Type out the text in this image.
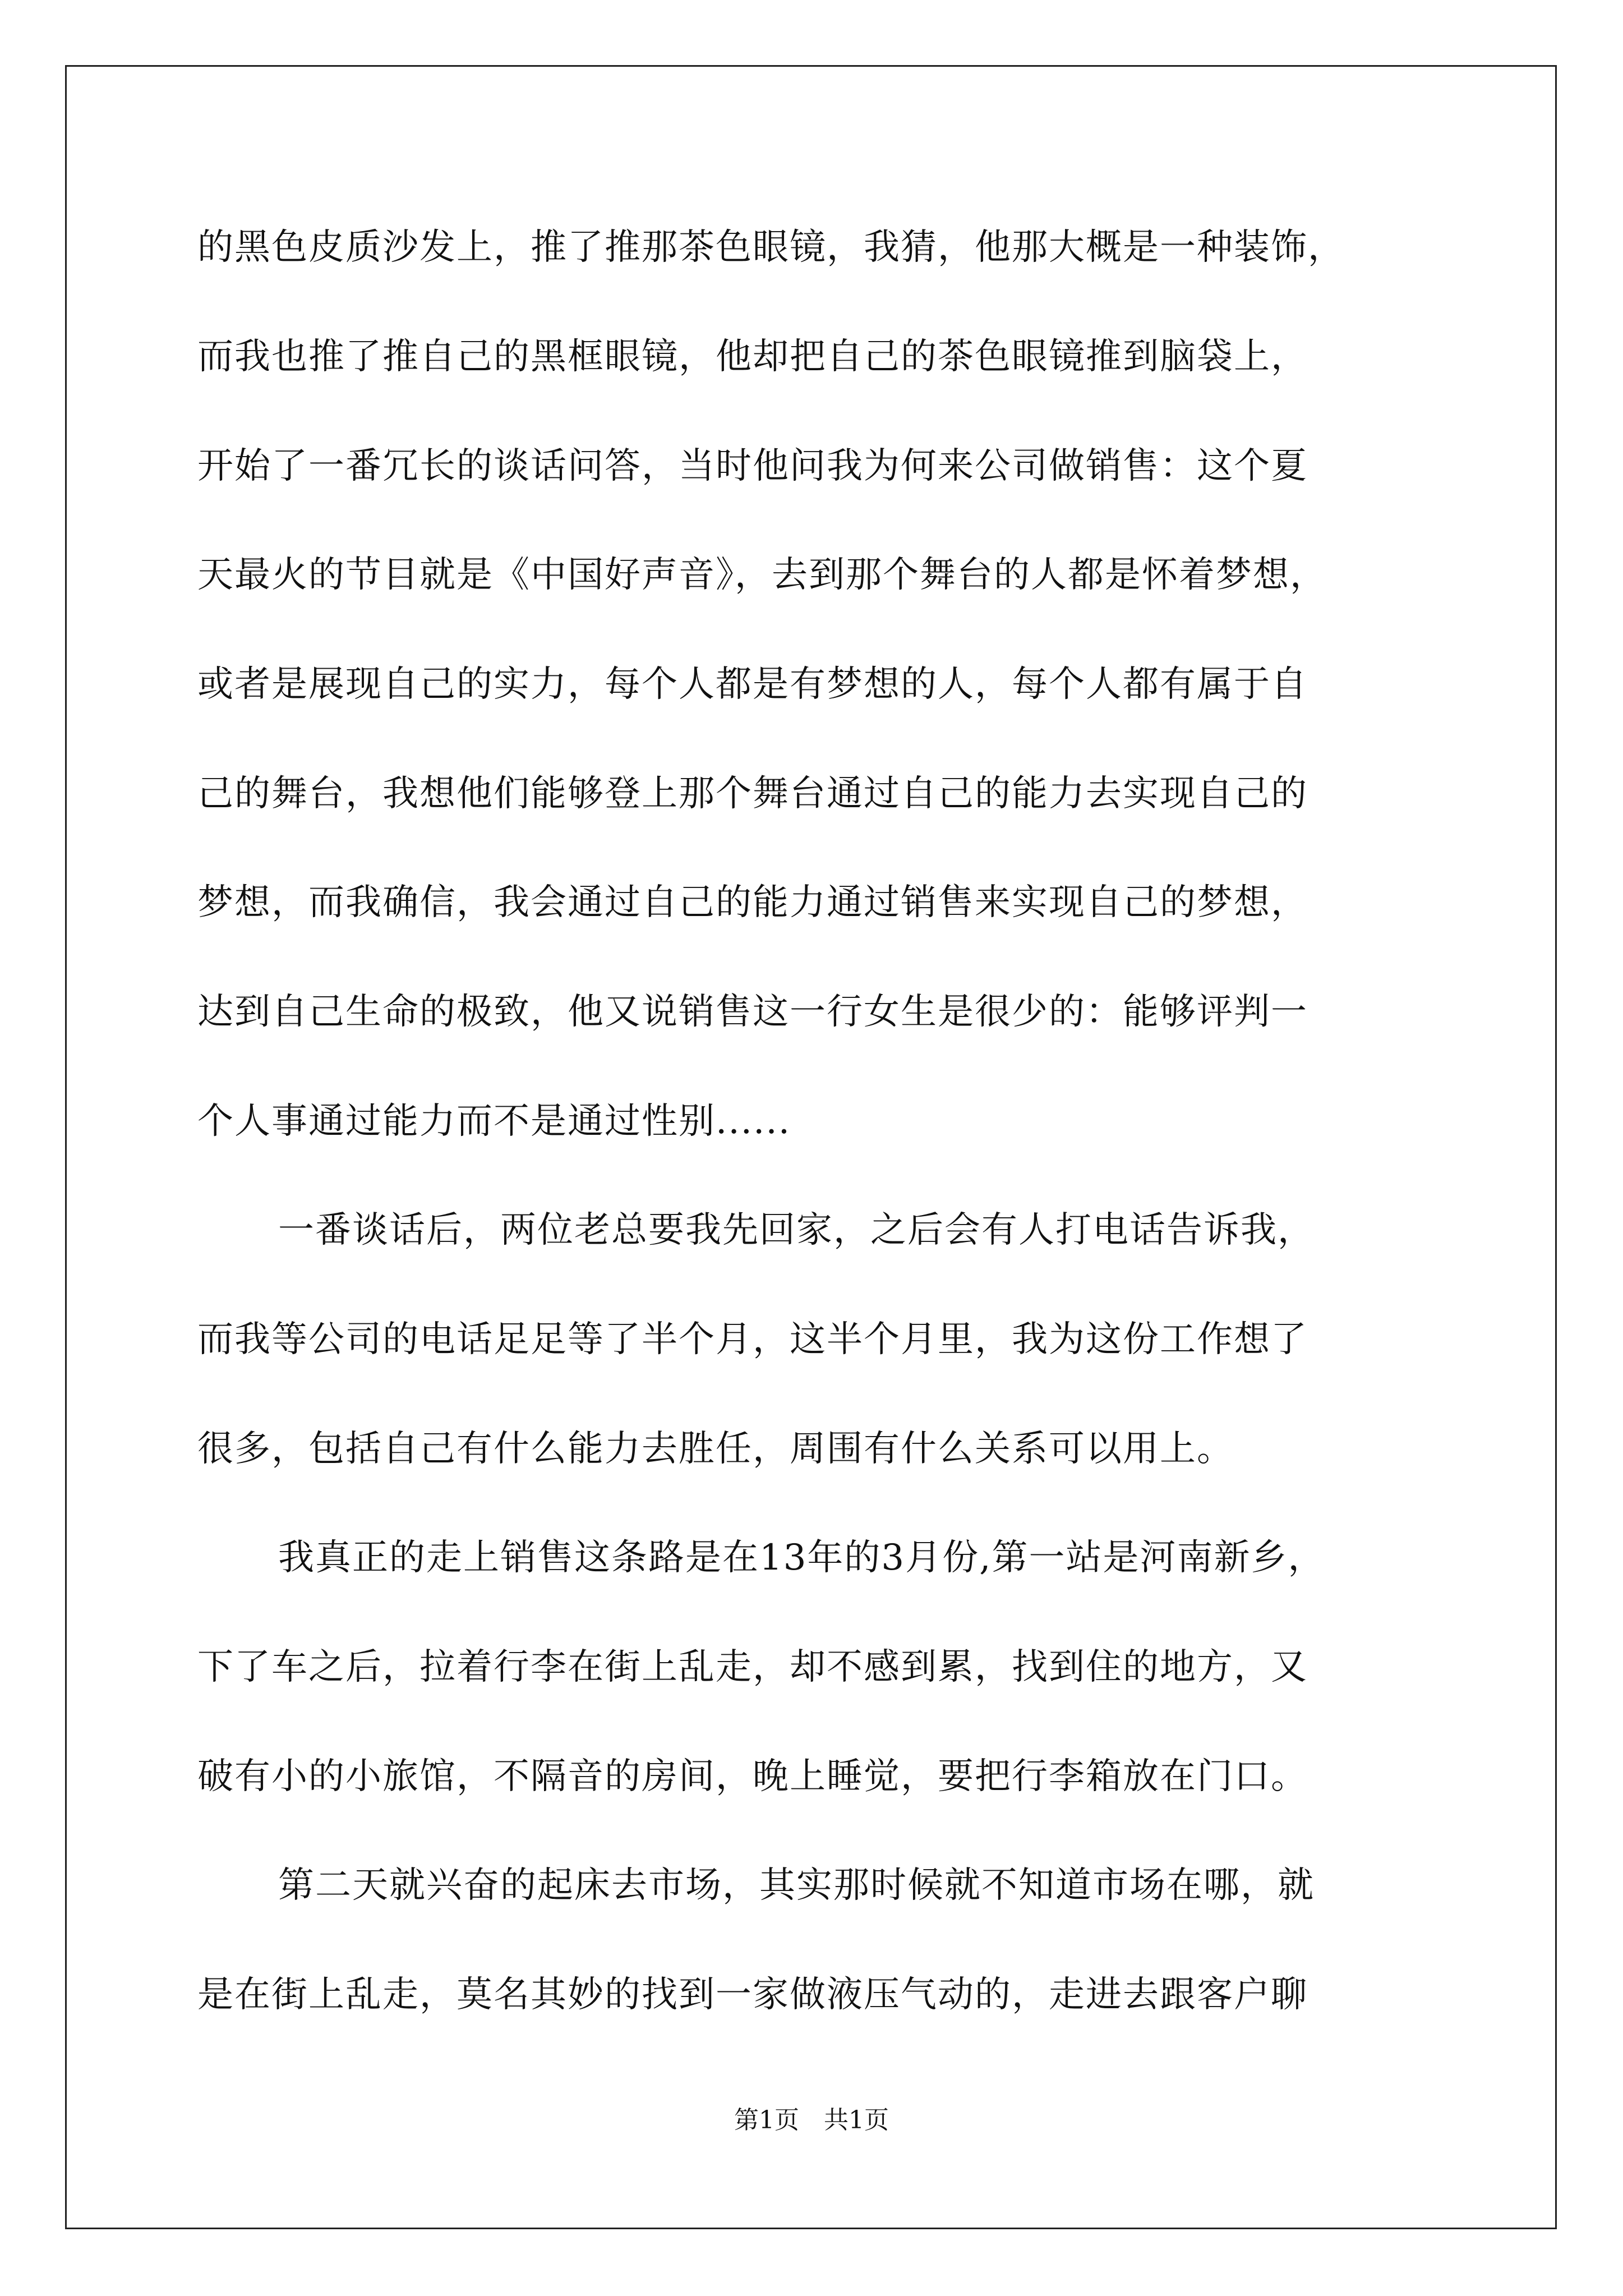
的黑色皮质沙发上，推了推那茶色眼镜，我猜，他那大概是一种装饰，
而我也推了推自己的黑框眼镜，他却把自己的茶色眼镜推到脑袋上，
开始了一番冗长的谈话问答，当时他问我为何来公司做销售：这个夏
天最火的节目就是《中国好声音》，去到那个舞台的人都是怀着梦想，
或者是展现自己的实力，每个人都是有梦想的人，每个人都有属于自
己的舞台，我想他们能够登上那个舞台通过自己的能力去实现自己的
梦想，而我确信，我会通过自己的能力通过销售来实现自己的梦想，
达到自己生命的极致，他又说销售这一行女生是很少的：能够评判一
个人事通过能力而不是通过性别......
一番谈话后，两位老总要我先回家，之后会有人打电话告诉我，
而我等公司的电话足足等了半个月，这半个月里，我为这份工作想了
很多，包括自己有什么能力去胜任，周围有什么关系可以用上。
我真正的走上销售这条路是在13年的3月份,第一站是河南新乡，
下了车之后，拉着行李在街上乱走，却不感到累，找到住的地方，又
破有小的小旅馆，不隔音的房间，晚上睡觉，要把行李箱放在门口。
第二天就兴奋的起床去市场，其实那时候就不知道市场在哪，就
是在街上乱走，莫名其妙的找到一家做液压气动的，走进去跟客户聊
第1页　共1页
